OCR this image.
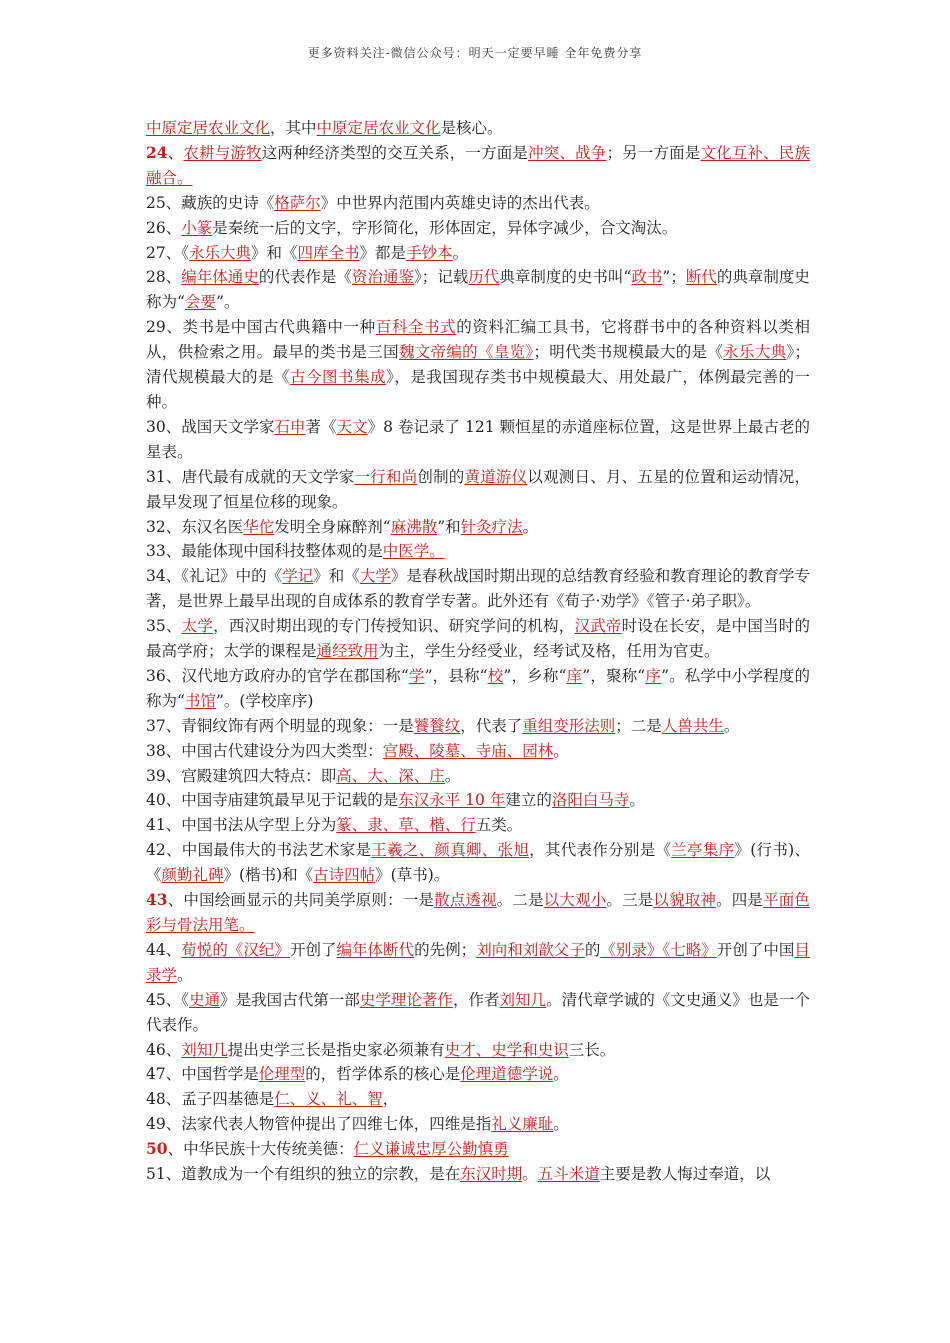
更多资料关注-微信公众号：明天一定要早睡 全年免费分享

中原定居农业文化，其中中原定居农业文化是核心。

24、农耕与游牧这两种经济类型的交互关系，一方面是冲突、战争；另一方面是文化互补、民族融合。

25、藏族的史诗《格萨尔》中世界内范围内英雄史诗的杰出代表。

26、小篆是秦统一后的文字，字形简化，形体固定，异体字减少，合文淘汰。

27、《永乐大典》和《四库全书》都是手钞本。

28、编年体通史的代表作是《资治通鉴》；记载历代典章制度的史书叫“政书”；断代的典章制度史称为“会要”。

29、类书是中国古代典籍中一种百科全书式的资料汇编工具书，它将群书中的各种资料以类相从，供检索之用。最早的类书是三国魏文帝编的《皇览》；明代类书规模最大的是《永乐大典》；清代规模最大的是《古今图书集成》，是我国现存类书中规模最大、用处最广，体例最完善的一种。

30、战国天文学家石申著《天文》8 卷记录了 121 颗恒星的赤道座标位置，这是世界上最古老的星表。

31、唐代最有成就的天文学家一行和尚创制的黄道游仪以观测日、月、五星的位置和运动情况，最早发现了恒星位移的现象。

32、东汉名医华佗发明全身麻醉剂“麻沸散”和针灸疗法。

33、最能体现中国科技整体观的是中医学。

34、《礼记》中的《学记》和《大学》是春秋战国时期出现的总结教育经验和教育理论的教育学专著，是世界上最早出现的自成体系的教育学专著。此外还有《荀子·劝学》《管子·弟子职》。

35、太学，西汉时期出现的专门传授知识、研究学问的机构，汉武帝时设在长安，是中国当时的最高学府；太学的课程是通经致用为主，学生分经受业，经考试及格，任用为官吏。

36、汉代地方政府办的官学在郡国称“学”，县称“校”，乡称“庠”，聚称“序”。私学中小学程度的称为“书馆”。(学校庠序)

37、青铜纹饰有两个明显的现象：一是饕餮纹，代表了重组变形法则；二是人兽共生。

38、中国古代建设分为四大类型：宫殿、陵墓、寺庙、园林。

39、宫殿建筑四大特点：即高、大、深、庄。

40、中国寺庙建筑最早见于记载的是东汉永平 10 年建立的洛阳白马寺。

41、中国书法从字型上分为篆、隶、草、楷、行五类。

42、中国最伟大的书法艺术家是王羲之、颜真卿、张旭，其代表作分别是《兰亭集序》(行书)、《颜勤礼碑》(楷书)和《古诗四帖》(草书)。

43、中国绘画显示的共同美学原则：一是散点透视。二是以大观小。三是以貌取神。四是平面色彩与骨法用笔。

44、荀悦的《汉纪》开创了编年体断代的先例；刘向和刘歆父子的《别录》《七略》开创了中国目录学。

45、《史通》是我国古代第一部史学理论著作，作者刘知几。清代章学诚的《文史通义》也是一个代表作。

46、刘知几提出史学三长是指史家必须兼有史才、史学和史识三长。

47、中国哲学是伦理型的，哲学体系的核心是伦理道德学说。

48、孟子四基德是仁、义、礼、智，

49、法家代表人物管仲提出了四维七体，四维是指礼义廉耻。

50、中华民族十大传统美德：仁义谦诚忠厚公勤慎勇

51、道教成为一个有组织的独立的宗教，是在东汉时期。五斗米道主要是教人悔过奉道，以
